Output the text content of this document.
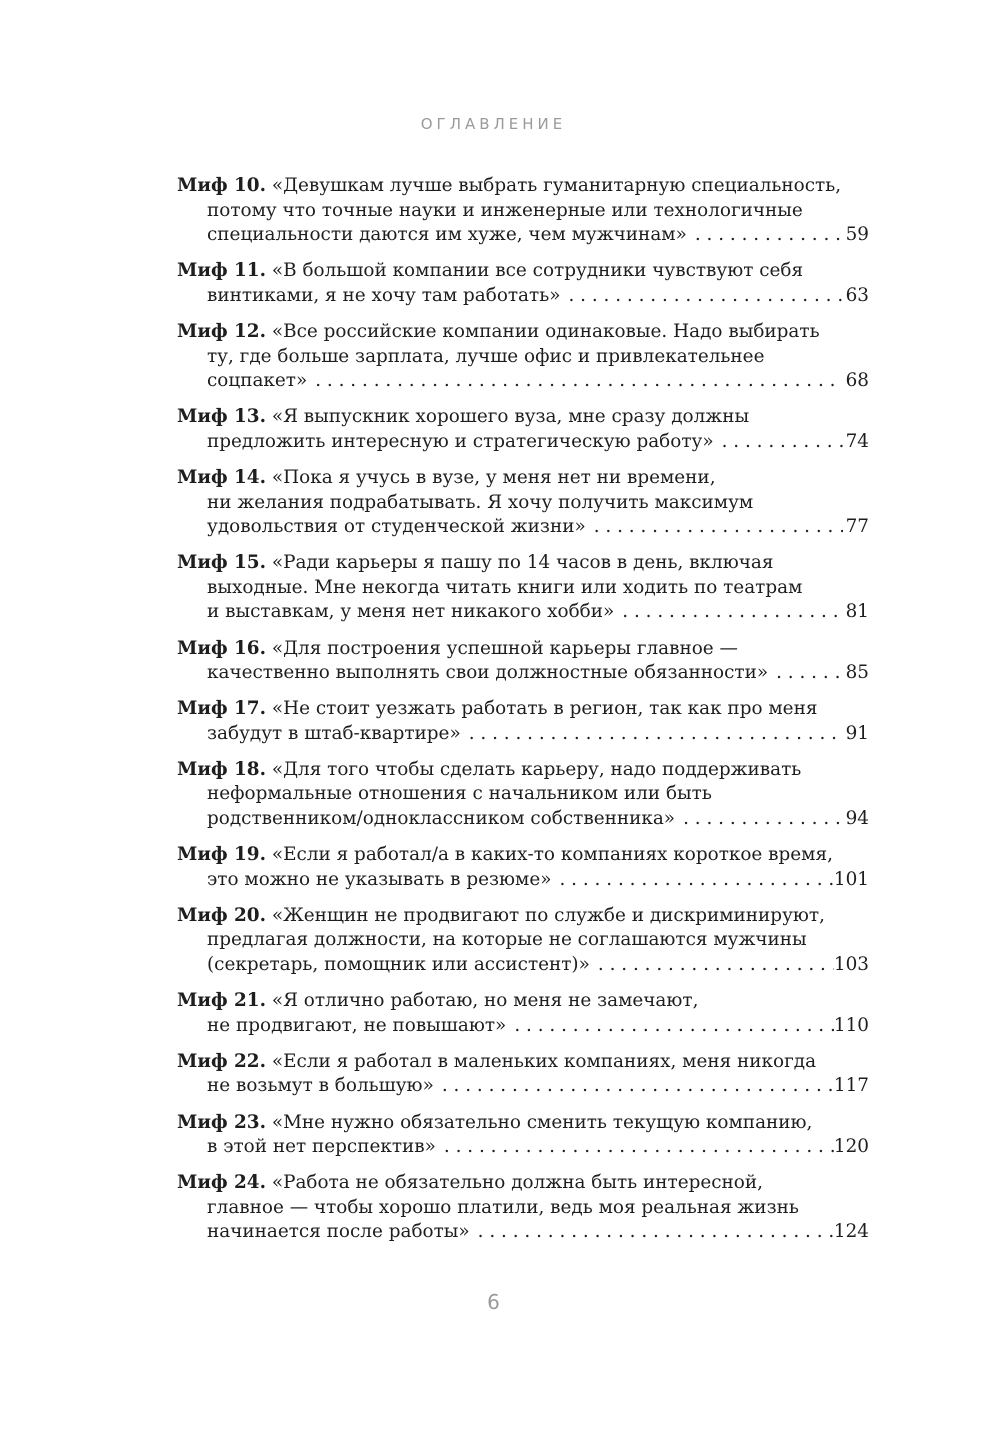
ОГЛАВЛЕНИЕ
Миф 10. «Девушкам лучше выбрать гуманитарную специальность,
потому что точные науки и инженерные или технологичные
специальности даются им хуже, чем мужчинам» . . .	59
Миф 11. «В большой компании все сотрудники чувствуют себя
винтиками, я не хочу там работать» . . .	63
Миф 12. «Все российские компании одинаковые. Надо выбирать
ту, где больше зарплата, лучше офис и привлекательнее
соцпакет» . . .	68
Миф 13. «Я выпускник хорошего вуза, мне сразу должны
предложить интересную и стратегическую работу» . . .	74
Миф 14. «Пока я учусь в вузе, у меня нет ни времени,
ни желания подрабатывать. Я хочу получить максимум
удовольствия от студенческой жизни» . . .	77
Миф 15. «Ради карьеры я пашу по 14 часов в день, включая
выходные. Мне некогда читать книги или ходить по театрам
и выставкам, у меня нет никакого хобби» . . .	81
Миф 16. «Для построения успешной карьеры главное —
качественно выполнять свои должностные обязанности» . . .	85
Миф 17. «Не стоит уезжать работать в регион, так как про меня
забудут в штаб-квартире» . . .	91
Миф 18. «Для того чтобы сделать карьеру, надо поддерживать
неформальные отношения с начальником или быть
родственником/одноклассником собственника» . . .	94
Миф 19. «Если я работал/а в каких-то компаниях короткое время,
это можно не указывать в резюме» . . .	101
Миф 20. «Женщин не продвигают по службе и дискриминируют,
предлагая должности, на которые не соглашаются мужчины
(секретарь, помощник или ассистент)» . . .	103
Миф 21. «Я отлично работаю, но меня не замечают,
не продвигают, не повышают» . . .	110
Миф 22. «Если я работал в маленьких компаниях, меня никогда
не возьмут в большую» . . .	117
Миф 23. «Мне нужно обязательно сменить текущую компанию,
в этой нет перспектив» . . .	120
Миф 24. «Работа не обязательно должна быть интересной,
главное — чтобы хорошо платили, ведь моя реальная жизнь
начинается после работы» . . .	124
6
